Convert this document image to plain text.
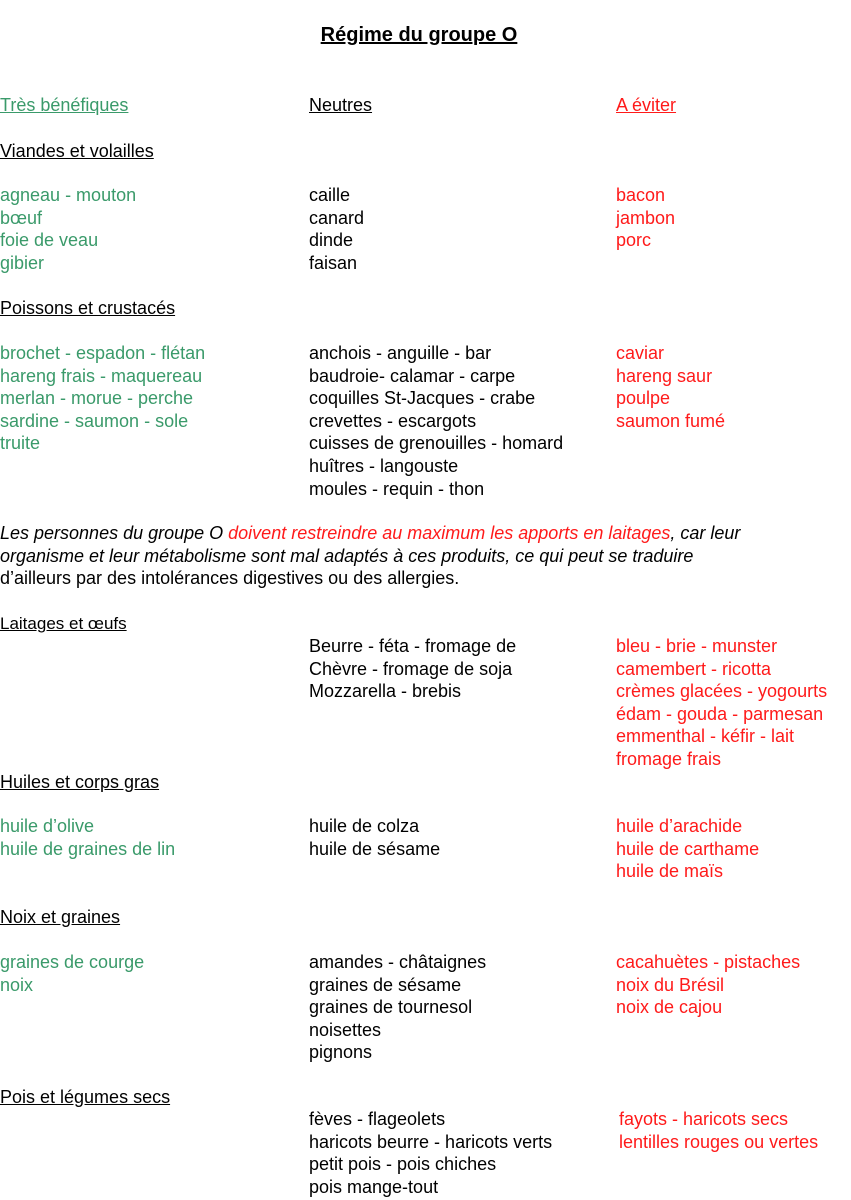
Régime du groupe O
Très bénéfiques	Neutres	A éviter
Viandes et volailles
agneau - mouton
bœuf
foie de veau
gibier
caille
canard
dinde
faisan
bacon
jambon
porc
Poissons et crustacés
brochet - espadon - flétan
hareng frais - maquereau
merlan - morue - perche
sardine - saumon - sole
truite
anchois - anguille - bar
baudroie- calamar - carpe
coquilles St-Jacques - crabe
crevettes - escargots
cuisses de grenouilles - homard
huîtres - langouste
moules - requin - thon
caviar
hareng saur
poulpe
saumon fumé
Les personnes du groupe O doivent restreindre au maximum les apports en laitages, car leur
organisme et leur métabolisme sont mal adaptés à ces produits, ce qui peut se traduire
d’ailleurs par des intolérances digestives ou des allergies.
Laitages et œufs
Beurre - féta - fromage de
Chèvre - fromage de soja
Mozzarella - brebis
bleu - brie - munster
camembert - ricotta
crèmes glacées - yogourts
édam - gouda - parmesan
emmenthal - kéfir - lait
fromage frais
Huiles et corps gras
huile d’olive
huile de graines de lin
huile de colza
huile de sésame
huile d’arachide
huile de carthame
huile de maïs
Noix et graines
graines de courge
noix
amandes - châtaignes
graines de sésame
graines de tournesol
noisettes
pignons
cacahuètes - pistaches
noix du Brésil
noix de cajou
Pois et légumes secs
fèves - flageolets
haricots beurre - haricots verts
petit pois - pois chiches
pois mange-tout
fayots - haricots secs
lentilles rouges ou vertes
